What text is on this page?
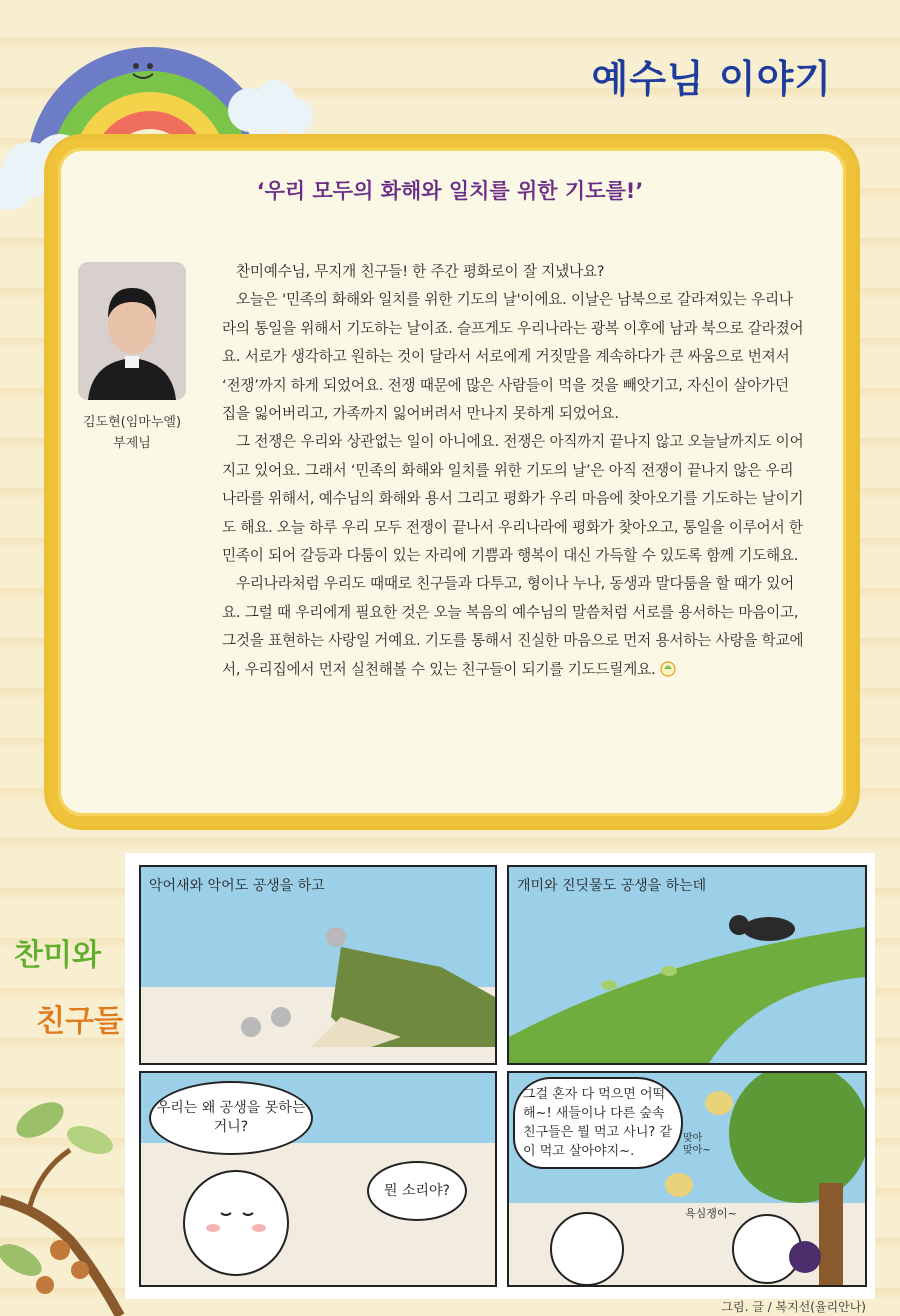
예수님 이야기
‘우리 모두의 화해와 일치를 위한 기도를!’
김도현(임마누엘)
부제님

찬미예수님, 무지개 친구들! 한 주간 평화로이 잘 지냈나요?

오늘은 '민족의 화해와 일치를 위한 기도의 날'이에요. 이날은 남북으로 갈라져있는 우리나라의 통일을 위해서 기도하는 날이죠. 슬프게도 우리나라는 광복 이후에 남과 북으로 갈라졌어요. 서로가 생각하고 원하는 것이 달라서 서로에게 거짓말을 계속하다가 큰 싸움으로 번져서 ‘전쟁’까지 하게 되었어요. 전쟁 때문에 많은 사람들이 먹을 것을 빼앗기고, 자신이 살아가던 집을 잃어버리고, 가족까지 잃어버려서 만나지 못하게 되었어요.

그 전쟁은 우리와 상관없는 일이 아니에요. 전쟁은 아직까지 끝나지 않고 오늘날까지도 이어지고 있어요. 그래서 ‘민족의 화해와 일치를 위한 기도의 날’은 아직 전쟁이 끝나지 않은 우리나라를 위해서, 예수님의 화해와 용서 그리고 평화가 우리 마음에 찾아오기를 기도하는 날이기도 해요. 오늘 하루 우리 모두 전쟁이 끝나서 우리나라에 평화가 찾아오고, 통일을 이루어서 한민족이 되어 갈등과 다툼이 있는 자리에 기쁨과 행복이 대신 가득할 수 있도록 함께 기도해요.

우리나라처럼 우리도 때때로 친구들과 다투고, 형이나 누나, 동생과 말다툼을 할 때가 있어요. 그럴 때 우리에게 필요한 것은 오늘 복음의 예수님의 말씀처럼 서로를 용서하는 마음이고, 그것을 표현하는 사랑일 거예요. 기도를 통해서 진실한 마음으로 먼저 용서하는 사랑을 학교에서, 우리집에서 먼저 실천해볼 수 있는 친구들이 되기를 기도드릴게요.

찬미와
친구들
악어새와 악어도 공생을 하고	개미와 진딧물도 공생을 하는데
우리는 왜 공생을 못하는 거니?
뭔 소리야?
그걸 혼자 다 먹으면 어떡해~! 새들이나 다른 숲속 친구들은 뭘 먹고 사니? 같이 먹고 살아야지~.
맞아 맞아~
욕심쟁이~
그림. 글 / 복지선(율리안나)
